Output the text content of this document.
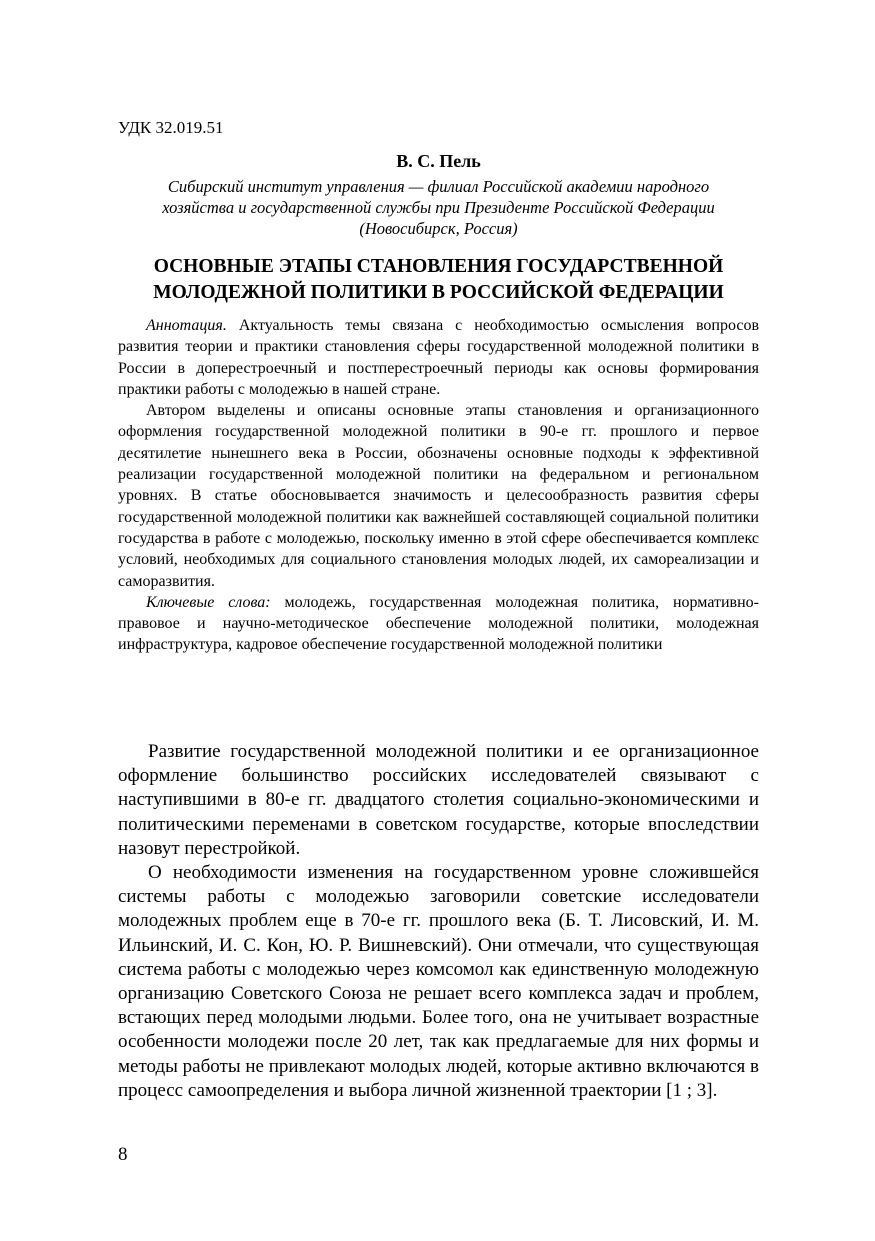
УДК 32.019.51

В. С. Пель

Сибирский институт управления — филиал Российской академии народного
хозяйства и государственной службы при Президенте Российской Федерации
(Новосибирск, Россия)

ОСНОВНЫЕ ЭТАПЫ СТАНОВЛЕНИЯ ГОСУДАРСТВЕННОЙ
МОЛОДЕЖНОЙ ПОЛИТИКИ В РОССИЙСКОЙ ФЕДЕРАЦИИ

Аннотация. Актуальность темы связана с необходимостью осмысления вопросов развития теории и практики становления сферы государственной молодежной политики в России в доперестроечный и постперестроечный периоды как основы формирования практики работы с молодежью в нашей стране.

Автором выделены и описаны основные этапы становления и организационного оформления государственной молодежной политики в 90-е гг. прошлого и первое десятилетие нынешнего века в России, обозначены основные подходы к эффективной реализации государственной молодежной политики на федеральном и региональном уровнях. В статье обосновывается значимость и целесообразность развития сферы государственной молодежной политики как важнейшей составляющей социальной политики государства в работе с молодежью, поскольку именно в этой сфере обеспечивается комплекс условий, необходимых для социального становления молодых людей, их самореализации и саморазвития.

Ключевые слова: молодежь, государственная молодежная политика, нормативно-правовое и научно-методическое обеспечение молодежной политики, молодежная инфраструктура, кадровое обеспечение государственной молодежной политики

Развитие государственной молодежной политики и ее организационное оформление большинство российских исследователей связывают с наступившими в 80-е гг. двадцатого столетия социально-экономическими и политическими переменами в советском государстве, которые впоследствии назовут перестройкой.

О необходимости изменения на государственном уровне сложившейся системы работы с молодежью заговорили советские исследователи молодежных проблем еще в 70-е гг. прошлого века (Б. Т. Лисовский, И. М. Ильинский, И. С. Кон, Ю. Р. Вишневский). Они отмечали, что существующая система работы с молодежью через комсомол как единственную молодежную организацию Советского Союза не решает всего комплекса задач и проблем, встающих перед молодыми людьми. Более того, она не учитывает возрастные особенности молодежи после 20 лет, так как предлагаемые для них формы и методы работы не привлекают молодых людей, которые активно включаются в процесс самоопределения и выбора личной жизненной траектории [1 ; 3].

8
